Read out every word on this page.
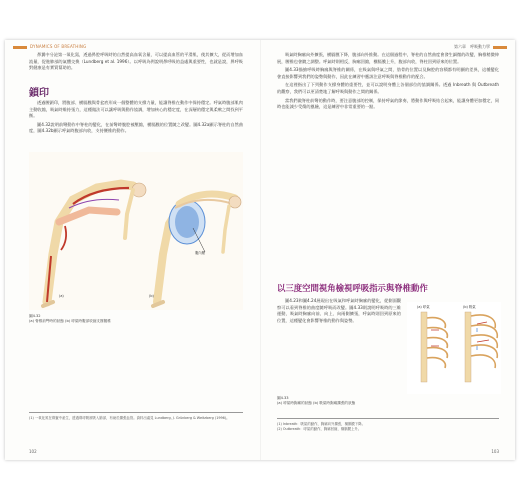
DYNAMICS OF BREATHING

鼻翼中分泌第一氧化氮，透過鼻腔呼吸時的自然提高血氧含量，可以提高血管的平滑肌，使其擴大，從而增加血流量，促進肺部的氣體交換（Lundberg et al. 1996）。以呼吸為例說明鼻呼吸的益處與重要性，也就是說，鼻呼吸對健康是有實質幫助的。

鎖印

透過腰鎖印，將腹部、橫膈膜與骨盆底形成一個整體的支撐力量，能讓脊椎在動作中保持穩定。呼氣時腹部肌肉主動收縮，吸氣時維持張力，這種做法可以讓呼吸與動作協調，增加核心的穩定度，在深層的穩定與柔軟之間找到平衡。

圖4.32說明前彎動作中脊柱的變化，在前彎時腹腔被壓縮，橫膈膜的位置隨之改變。圖4.32a顯示脊柱的自然曲度，圖4.32b顯示呼氣時腹部內收，支持腰椎的動作。

腹內壓
(a)	(b)
圖4.32
(a) 脊椎前彎時的狀態 (b) 呼氣時腹部收縮支撐腰椎
(1) 一氧化氮在鼻竇中產生，透過鼻呼吸被吸入肺部，有助於擴張血管。資料出處見 Lundberg, J. Grünberg & Weitzberg (1996)。
102
第六章　呼吸動力學

吸氣時胸廓向外擴張，橫膈膜下降，腹部向外推動。在這個過程中，脊柱的自然曲度會發生細微的改變，胸椎稍微伸展，腰椎也會隨之調整。呼氣時則相反，胸廓回縮，橫膈膜上升，腹部內收，脊柱回到原來的位置。

圖4.33描繪呼吸時胸廓與脊椎的關係，在吸氣與呼氣之間，肋骨的位置以及胸腔的容積都有明顯的差異，這種變化會直接影響到我們的姿勢與動作，因此在練習中應該注意呼吸與脊椎動作的配合。

在這裡指出了下列動作支撐身體的重要性，並可以說明身體上各個部位的協調關係。透過 Inbreath 與 Outbreath 的觀察，我們可以更清楚地了解呼吸與動作之間的關係。

當我們做脊柱前彎的動作時，要注意腹部的控制，保持呼氣的節奏，將動作與呼吸結合起來，能讓身體更加穩定，同時也能減少受傷的風險，這是練習中非常重要的一點。

以三度空間視角檢視呼吸指示與脊椎動作

圖4.23和圖4.24展現出在吸氣和呼氣時胸廓的變化，從側面觀察可以看到脊椎的曲度隨呼吸而改變。圖4.33則說明呼吸時的三維運動，吸氣時胸廓向前、向上、向兩側擴張，呼氣時則回到原來的位置，這種變化會影響脊椎的動作與姿勢。

(a) 呼氣	(b) 吸氣
圖4.33
(a) 呼氣時胸廓的狀態 (b) 吸氣時胸廓擴張的狀態
(1) Inbreath：吸氣的動作，胸廓向外擴張，橫膈膜下降。
(2) Outbreath：呼氣的動作，胸廓回縮，橫膈膜上升。
103
